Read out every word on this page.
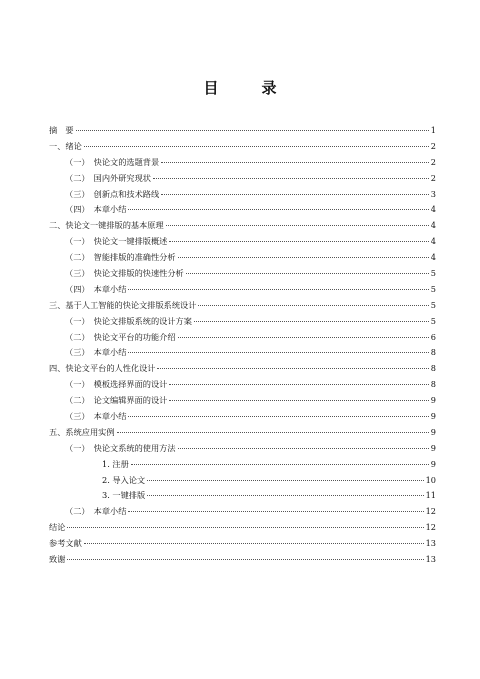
目　录
摘　要	1
一、绪论	2
（一）　快论文的选题背景	2
（二）　国内外研究现状	2
（三）　创新点和技术路线	3
（四）　本章小结	4
二、快论文一键排版的基本原理	4
（一）　快论文一键排版概述	4
（二）　智能排版的准确性分析	4
（三）　快论文排版的快速性分析	5
（四）　本章小结	5
三、基于人工智能的快论文排版系统设计	5
（一）　快论文排版系统的设计方案	5
（二）　快论文平台的功能介绍	6
（三）　本章小结	8
四、快论文平台的人性化设计	8
（一）　模板选择界面的设计	8
（二）　论文编辑界面的设计	9
（三）　本章小结	9
五、系统应用实例	9
（一）　快论文系统的使用方法	9
1. 注册	9
2. 导入论文	10
3. 一键排版	11
（二）　本章小结	12
结论	12
参考文献	13
致谢	13
